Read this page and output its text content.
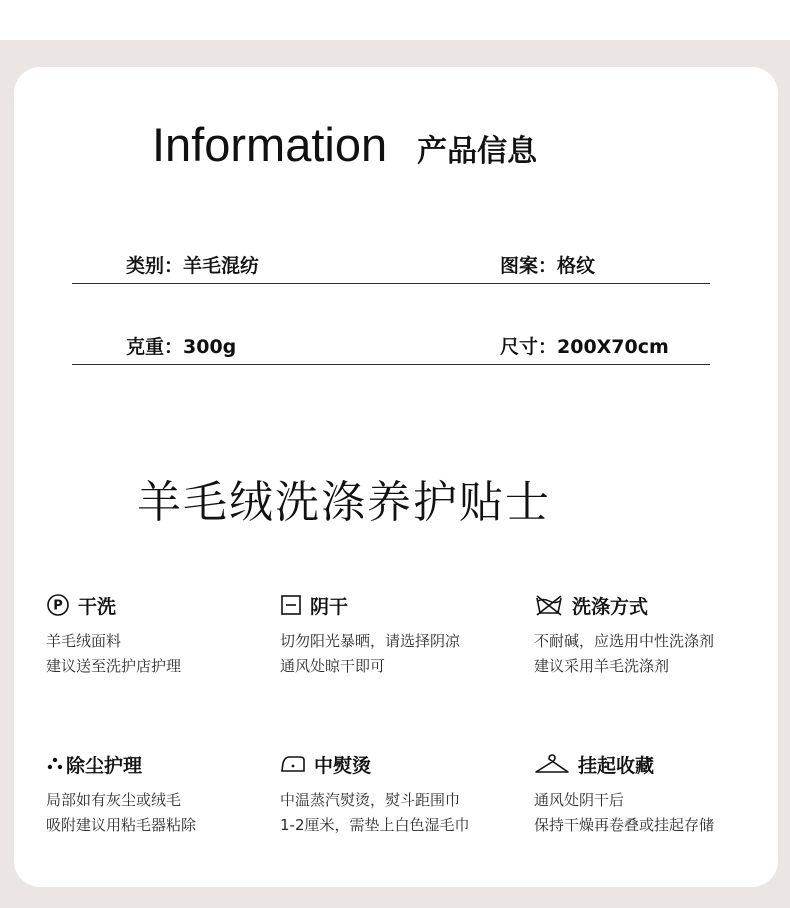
Information 产品信息
类别：羊毛混纺	图案：格纹
克重：300g	尺寸：200X70cm
羊毛绒洗涤养护贴士
P 干洗
羊毛绒面料
建议送至洗护店护理
阴干
切勿阳光暴晒，请选择阴凉
通风处晾干即可
洗涤方式
不耐碱，应选用中性洗涤剂
建议采用羊毛洗涤剂
除尘护理
局部如有灰尘或绒毛
吸附建议用粘毛器粘除
中熨烫
中温蒸汽熨烫，熨斗距围巾
1-2厘米，需垫上白色湿毛巾
挂起收藏
通风处阴干后
保持干燥再卷叠或挂起存储
